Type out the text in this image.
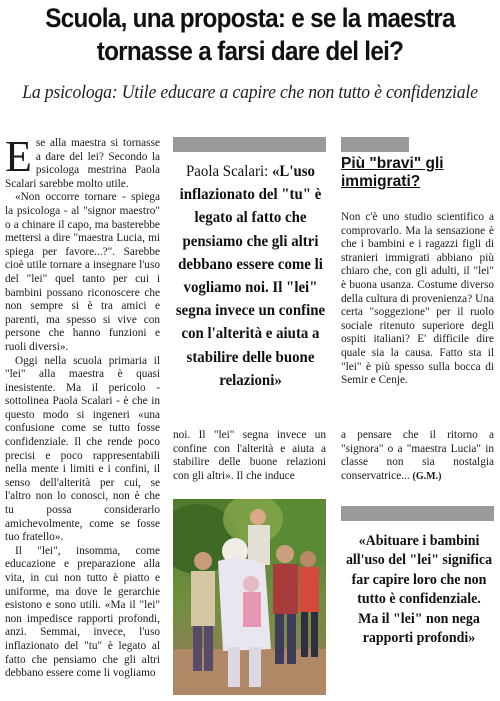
Scuola, una proposta: e se la maestra
tornasse a farsi dare del lei?
La psicologa: Utile educare a capire che non tutto è confidenziale

Ese alla maestra si tornasse a dare del lei? Secondo la psicologa mestrina Paola Scalari sarebbe molto utile.

«Non occorre tornare - spiega la psicologa - al "signor maestro" o a chinare il capo, ma basterebbe mettersi a dire "maestra Lucia, mi spiega per favore...?". Sarebbe cioè utile tornare a insegnare l'uso del "lei" quel tanto per cui i bambini possano riconoscere che non sempre si è tra amici e parenti, ma spesso si vive con persone che hanno funzioni e ruoli diversi».

Oggi nella scuola primaria il "lei" alla maestra è quasi inesistente. Ma il pericolo - sottolinea Paola Scalari - è che in questo modo si ingeneri «una confusione come se tutto fosse confidenziale. Il che rende poco precisi e poco rappresentabili nella mente i limiti e i confini, il senso dell'alterità per cui, se l'altro non lo conosci, non è che tu possa considerarlo amichevolmente, come se fosse tuo fratello».

Il "lei", insomma, come educazione e preparazione alla vita, in cui non tutto è piatto e uniforme, ma dove le gerarchie esistono e sono utili. «Ma il "lei" non impedisce rapporti profondi, anzi. Semmai, invece, l'uso inflazionato del "tu" è legato al fatto che pensiamo che gli altri debbano essere come li vogliamo

Paola Scalari: «L'uso inflazionato del "tu" è legato al fatto che pensiamo che gli altri debbano essere come li vogliamo noi. Il "lei" segna invece un confine con l'alterità e aiuta a stabilire delle buone relazioni»

noi. Il "lei" segna invece un confine con l'alterità e aiuta a stabilire delle buone relazioni con gli altri». Il che induce

Più "bravi" gli immigrati?

Non c'è uno studio scientifico a comprovarlo. Ma la sensazione è che i bambini e i ragazzi figli di stranieri immigrati abbiano più chiaro che, con gli adulti, il "lei" è buona usanza. Costume diverso della cultura di provenienza? Una certa "soggezione" per il ruolo sociale ritenuto superiore degli ospiti italiani? E' difficile dire quale sia la causa. Fatto sta il "lei" è più spesso sulla bocca di Semir e Cenje.

a pensare che il ritorno a "signora" o a "maestra Lucia" in classe non sia nostalgia conservatrice... (G.M.)

«Abituare i bambini all'uso del "lei" significa far capire loro che non tutto è confidenziale. Ma il "lei" non nega rapporti profondi»
